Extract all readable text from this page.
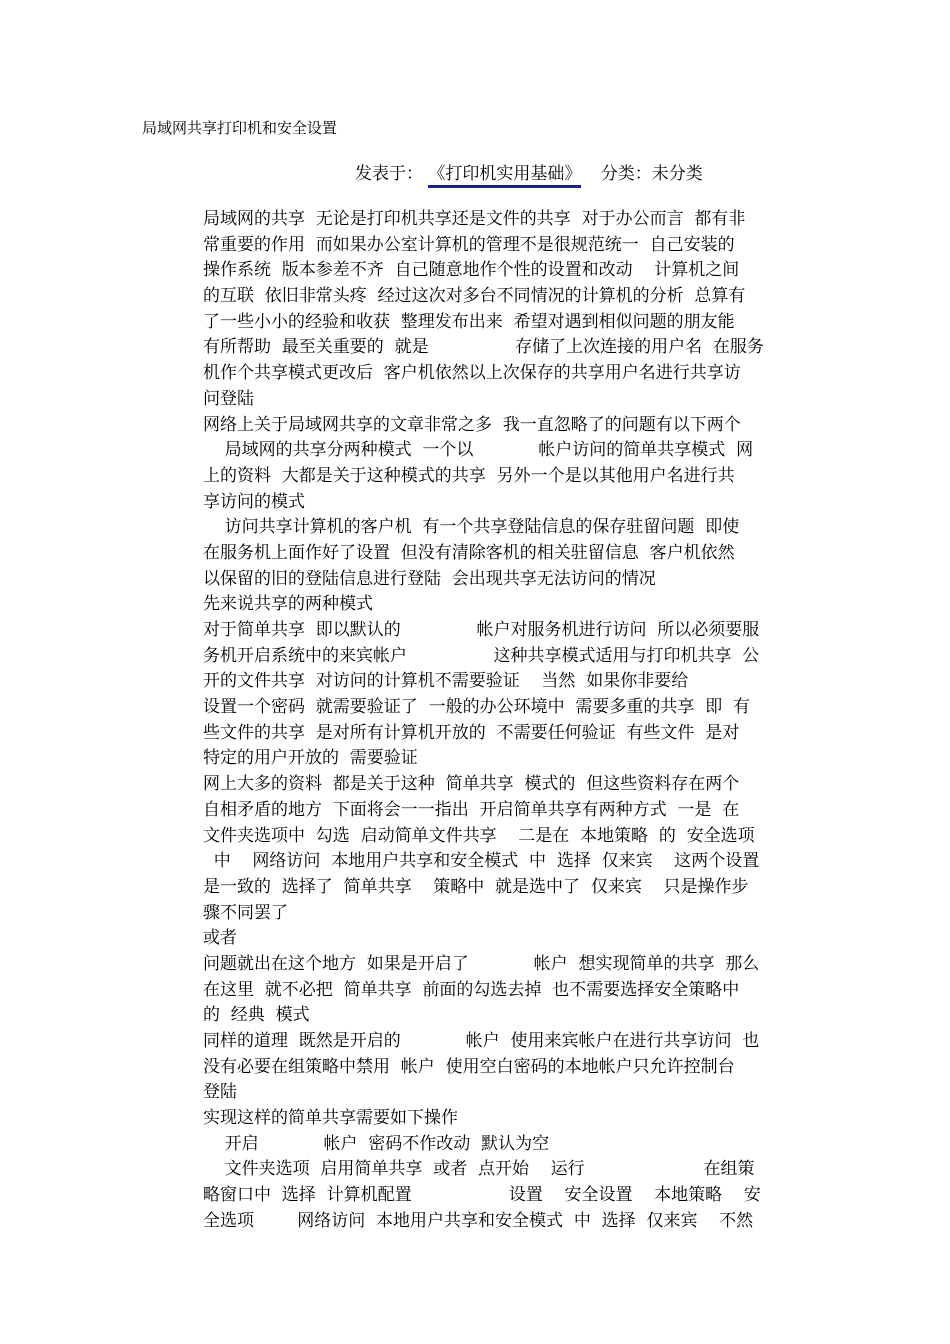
局域网共享打印机和安全设置
发表于： 《打印机实用基础》 分类：未分类
局域网的共享  无论是打印机共享还是文件的共享  对于办公而言  都有非
常重要的作用  而如果办公室计算机的管理不是很规范统一  自己安装的
操作系统  版本参差不齐  自己随意地作个性的设置和改动    计算机之间
的互联  依旧非常头疼  经过这次对多台不同情况的计算机的分析  总算有
了一些小小的经验和收获  整理发布出来  希望对遇到相似问题的朋友能
有所帮助  最至关重要的  就是                存储了上次连接的用户名  在服务
机作个共享模式更改后  客户机依然以上次保存的共享用户名进行共享访
问登陆
网络上关于局域网共享的文章非常之多  我一直忽略了的问题有以下两个
局域网的共享分两种模式  一个以            帐户访问的简单共享模式  网
上的资料  大都是关于这种模式的共享  另外一个是以其他用户名进行共
享访问的模式
访问共享计算机的客户机  有一个共享登陆信息的保存驻留问题  即使
在服务机上面作好了设置  但没有清除客机的相关驻留信息  客户机依然
以保留的旧的登陆信息进行登陆  会出现共享无法访问的情况
先来说共享的两种模式
对于简单共享  即以默认的              帐户对服务机进行访问  所以必须要服
务机开启系统中的来宾帐户                这种共享模式适用与打印机共享  公
开的文件共享  对访问的计算机不需要验证    当然  如果你非要给
设置一个密码  就需要验证了  一般的办公环境中  需要多重的共享  即  有
些文件的共享  是对所有计算机开放的  不需要任何验证  有些文件  是对
特定的用户开放的  需要验证
网上大多的资料  都是关于这种  简单共享  模式的  但这些资料存在两个
自相矛盾的地方  下面将会一一指出  开启简单共享有两种方式  一是  在
文件夹选项中  勾选  启动简单文件共享    二是在  本地策略  的  安全选项
中    网络访问  本地用户共享和安全模式  中  选择  仅来宾    这两个设置
是一致的  选择了  简单共享    策略中  就是选中了  仅来宾    只是操作步
骤不同罢了
或者
问题就出在这个地方  如果是开启了            帐户  想实现简单的共享  那么
在这里  就不必把  简单共享  前面的勾选去掉  也不需要选择安全策略中
的  经典  模式
同样的道理  既然是开启的            帐户  使用来宾帐户在进行共享访问  也
没有必要在组策略中禁用  帐户  使用空白密码的本地帐户只允许控制台
登陆
实现这样的简单共享需要如下操作
开启            帐户  密码不作改动  默认为空
文件夹选项  启用简单共享  或者  点开始    运行                      在组策
略窗口中  选择  计算机配置                  设置    安全设置    本地策略    安
全选项        网络访问  本地用户共享和安全模式  中  选择  仅来宾    不然
